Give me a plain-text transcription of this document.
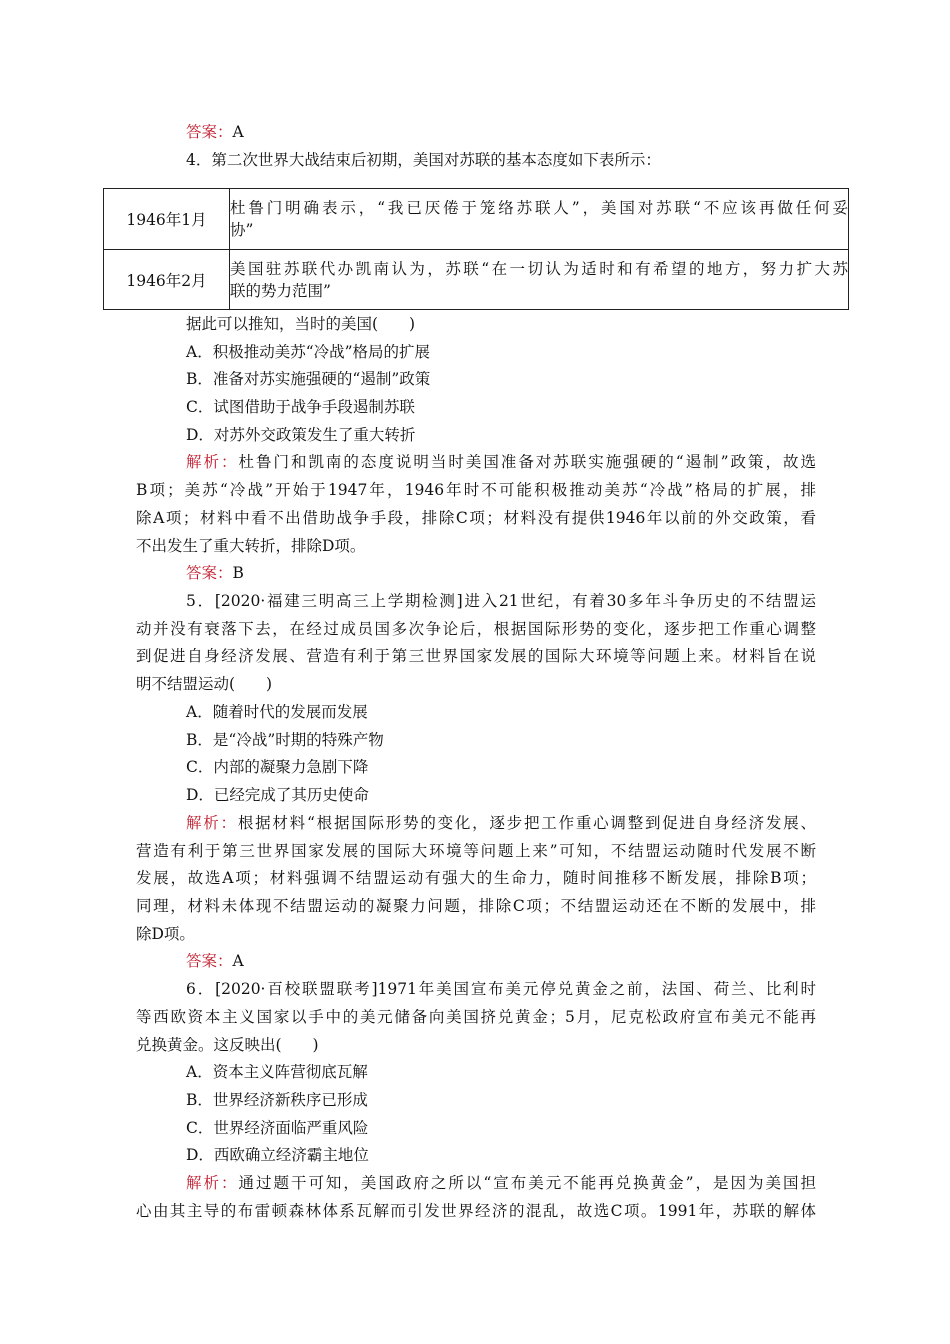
答案：A
4．第二次世界大战结束后初期，美国对苏联的基本态度如下表所示：
1946年1月	杜鲁门明确表示，“我已厌倦于笼络苏联人”，美国对苏联“不应该再做任何妥
协”

1946年2月	美国驻苏联代办凯南认为，苏联“在一切认为适时和有希望的地方，努力扩大苏
联的势力范围”
据此可以推知，当时的美国(　　)
A．积极推动美苏“冷战”格局的扩展
B．准备对苏实施强硬的“遏制”政策
C．试图借助于战争手段遏制苏联
D．对苏外交政策发生了重大转折
解析：杜鲁门和凯南的态度说明当时美国准备对苏联实施强硬的“遏制”政策，故选
B项；美苏“冷战”开始于1947年，1946年时不可能积极推动美苏“冷战”格局的扩展，排
除A项；材料中看不出借助战争手段，排除C项；材料没有提供1946年以前的外交政策，看
不出发生了重大转折，排除D项。
答案：B
5．[2020·福建三明高三上学期检测]进入21世纪，有着30多年斗争历史的不结盟运
动并没有衰落下去，在经过成员国多次争论后，根据国际形势的变化，逐步把工作重心调整
到促进自身经济发展、营造有利于第三世界国家发展的国际大环境等问题上来。材料旨在说
明不结盟运动(　　)
A．随着时代的发展而发展
B．是“冷战”时期的特殊产物
C．内部的凝聚力急剧下降
D．已经完成了其历史使命
解析：根据材料“根据国际形势的变化，逐步把工作重心调整到促进自身经济发展、
营造有利于第三世界国家发展的国际大环境等问题上来”可知，不结盟运动随时代发展不断
发展，故选A项；材料强调不结盟运动有强大的生命力，随时间推移不断发展，排除B项；
同理，材料未体现不结盟运动的凝聚力问题，排除C项；不结盟运动还在不断的发展中，排
除D项。
答案：A
6．[2020·百校联盟联考]1971年美国宣布美元停兑黄金之前，法国、荷兰、比利时
等西欧资本主义国家以手中的美元储备向美国挤兑黄金；5月，尼克松政府宣布美元不能再
兑换黄金。这反映出(　　)
A．资本主义阵营彻底瓦解
B．世界经济新秩序已形成
C．世界经济面临严重风险
D．西欧确立经济霸主地位
解析：通过题干可知，美国政府之所以“宣布美元不能再兑换黄金”，是因为美国担
心由其主导的布雷顿森林体系瓦解而引发世界经济的混乱，故选C项。1991年，苏联的解体
